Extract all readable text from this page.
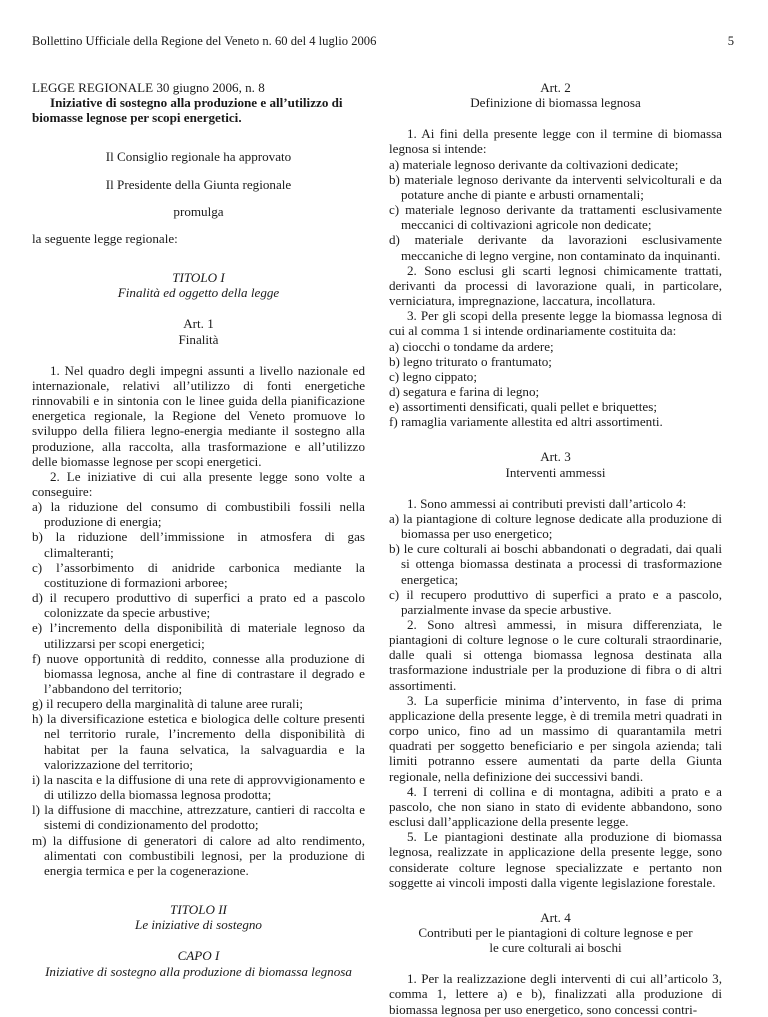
Bollettino Ufficiale della Regione del Veneto n. 60 del 4 luglio 2006	5

LEGGE REGIONALE 30 giugno 2006, n. 8

Iniziative di sostegno alla produzione e all’utilizzo di

biomasse legnose per scopi energetici.

Il Consiglio regionale ha approvato

Il Presidente della Giunta regionale

promulga

la seguente legge regionale:

TITOLO I

Finalità ed oggetto della legge

Art. 1

Finalità

1. Nel quadro degli impegni assunti a livello nazionale ed internazionale, relativi all’utilizzo di fonti energetiche rinnovabili e in sintonia con le linee guida della pianificazione energetica regionale, la Regione del Veneto promuove lo sviluppo della filiera legno-energia mediante il sostegno alla produzione, alla raccolta, alla trasformazione e all’utilizzo delle biomasse legnose per scopi energetici.

2. Le iniziative di cui alla presente legge sono volte a conseguire:

a) la riduzione del consumo di combustibili fossili nella produzione di energia;

b) la riduzione dell’immissione in atmosfera di gas climalteranti;

c) l’assorbimento di anidride carbonica mediante la costituzione di formazioni arboree;

d) il recupero produttivo di superfici a prato ed a pascolo colonizzate da specie arbustive;

e) l’incremento della disponibilità di materiale legnoso da utilizzarsi per scopi energetici;

f) nuove opportunità di reddito, connesse alla produzione di biomassa legnosa, anche al fine di contrastare il degrado e l’abbandono del territorio;

g) il recupero della marginalità di talune aree rurali;

h) la diversificazione estetica e biologica delle colture presenti nel territorio rurale, l’incremento della disponibilità di habitat per la fauna selvatica, la salvaguardia e la valorizzazione del territorio;

i) la nascita e la diffusione di una rete di approvvigionamento e di utilizzo della biomassa legnosa prodotta;

l) la diffusione di macchine, attrezzature, cantieri di raccolta e sistemi di condizionamento del prodotto;

m) la diffusione di generatori di calore ad alto rendimento, alimentati con combustibili legnosi, per la produzione di energia termica e per la cogenerazione.

TITOLO II

Le iniziative di sostegno

CAPO I

Iniziative di sostegno alla produzione di biomassa legnosa

Art. 2

Definizione di biomassa legnosa

1. Ai fini della presente legge con il termine di biomassa legnosa si intende:

a) materiale legnoso derivante da coltivazioni dedicate;

b) materiale legnoso derivante da interventi selvicolturali e da potature anche di piante e arbusti ornamentali;

c) materiale legnoso derivante da trattamenti esclusivamente meccanici di coltivazioni agricole non dedicate;

d) materiale derivante da lavorazioni esclusivamente meccaniche di legno vergine, non contaminato da inquinanti.

2. Sono esclusi gli scarti legnosi chimicamente trattati, derivanti da processi di lavorazione quali, in particolare, verniciatura, impregnazione, laccatura, incollatura.

3. Per gli scopi della presente legge la biomassa legnosa di cui al comma 1 si intende ordinariamente costituita da:

a) ciocchi o tondame da ardere;

b) legno triturato o frantumato;

c) legno cippato;

d) segatura e farina di legno;

e) assortimenti densificati, quali pellet e briquettes;

f) ramaglia variamente allestita ed altri assortimenti.

Art. 3

Interventi ammessi

1. Sono ammessi ai contributi previsti dall’articolo 4:

a) la piantagione di colture legnose dedicate alla produzione di biomassa per uso energetico;

b) le cure colturali ai boschi abbandonati o degradati, dai quali si ottenga biomassa destinata a processi di trasformazione energetica;

c) il recupero produttivo di superfici a prato e a pascolo, parzialmente invase da specie arbustive.

2. Sono altresì ammessi, in misura differenziata, le piantagioni di colture legnose o le cure colturali straordinarie, dalle quali si ottenga biomassa legnosa destinata alla trasformazione industriale per la produzione di fibra o di altri assortimenti.

3. La superficie minima d’intervento, in fase di prima applicazione della presente legge, è di tremila metri quadrati in corpo unico, fino ad un massimo di quarantamila metri quadrati per soggetto beneficiario e per singola azienda; tali limiti potranno essere aumentati da parte della Giunta regionale, nella definizione dei successivi bandi.

4. I terreni di collina e di montagna, adibiti a prato e a pascolo, che non siano in stato di evidente abbandono, sono esclusi dall’applicazione della presente legge.

5. Le piantagioni destinate alla produzione di biomassa legnosa, realizzate in applicazione della presente legge, sono considerate colture legnose specializzate e pertanto non soggette ai vincoli imposti dalla vigente legislazione forestale.

Art. 4

Contributi per le piantagioni di colture legnose e per

le cure colturali ai boschi

1. Per la realizzazione degli interventi di cui all’articolo 3, comma 1, lettere a) e b), finalizzati alla produzione di biomassa legnosa per uso energetico, sono concessi contri-
